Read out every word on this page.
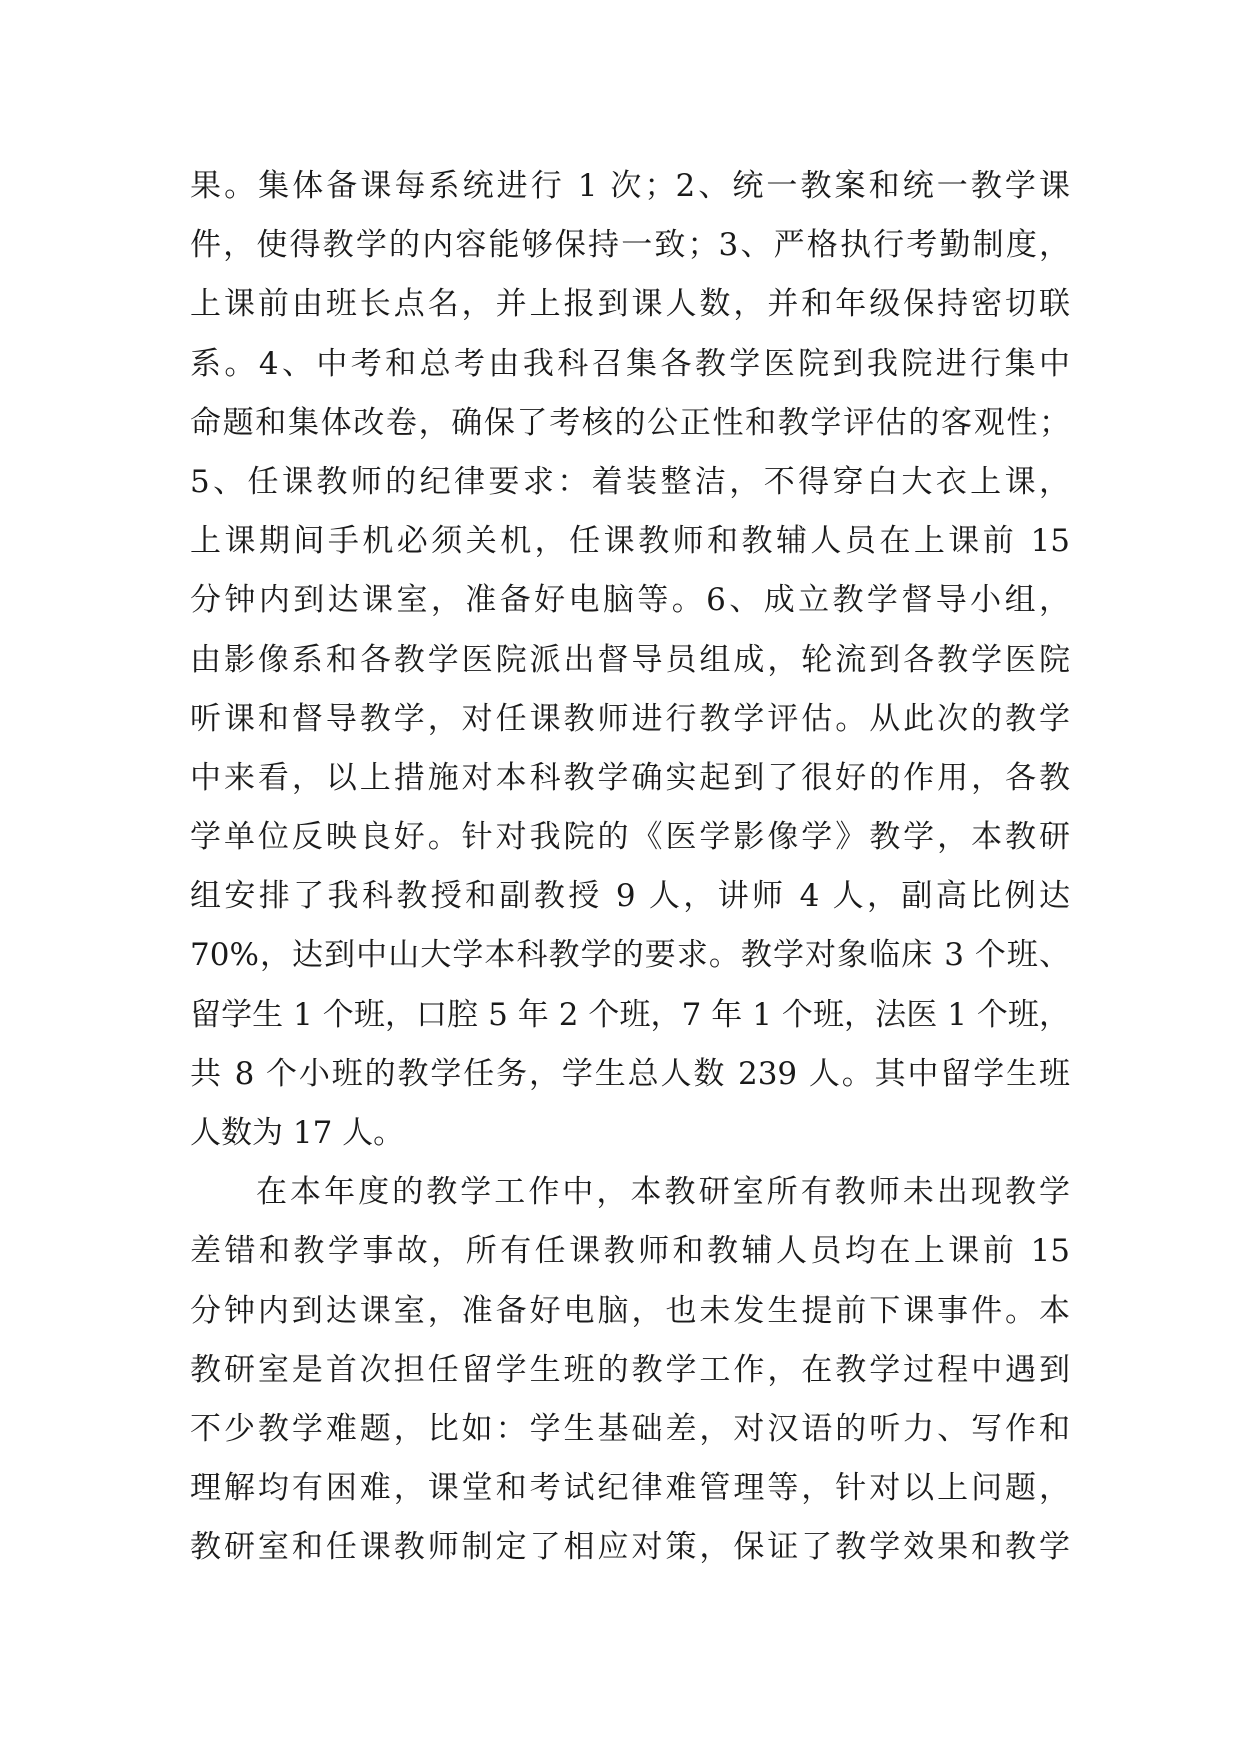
果。集体备课每系统进行 1 次；2、统一教案和统一教学课
件，使得教学的内容能够保持一致；3、严格执行考勤制度，
上课前由班长点名，并上报到课人数，并和年级保持密切联
系。4、中考和总考由我科召集各教学医院到我院进行集中
命题和集体改卷，确保了考核的公正性和教学评估的客观性；
5、任课教师的纪律要求：着装整洁，不得穿白大衣上课，
上课期间手机必须关机，任课教师和教辅人员在上课前 15
分钟内到达课室，准备好电脑等。6、成立教学督导小组，
由影像系和各教学医院派出督导员组成，轮流到各教学医院
听课和督导教学，对任课教师进行教学评估。从此次的教学
中来看，以上措施对本科教学确实起到了很好的作用，各教
学单位反映良好。针对我院的《医学影像学》教学，本教研
组安排了我科教授和副教授 9 人，讲师 4 人，副高比例达
70%，达到中山大学本科教学的要求。教学对象临床 3 个班、
留学生 1 个班，口腔 5 年 2 个班，7 年 1 个班，法医 1 个班，
共 8 个小班的教学任务，学生总人数 239 人。其中留学生班
人数为 17 人。
在本年度的教学工作中，本教研室所有教师未出现教学
差错和教学事故，所有任课教师和教辅人员均在上课前 15
分钟内到达课室，准备好电脑，也未发生提前下课事件。本
教研室是首次担任留学生班的教学工作，在教学过程中遇到
不少教学难题，比如：学生基础差，对汉语的听力、写作和
理解均有困难，课堂和考试纪律难管理等，针对以上问题，
教研室和任课教师制定了相应对策，保证了教学效果和教学
